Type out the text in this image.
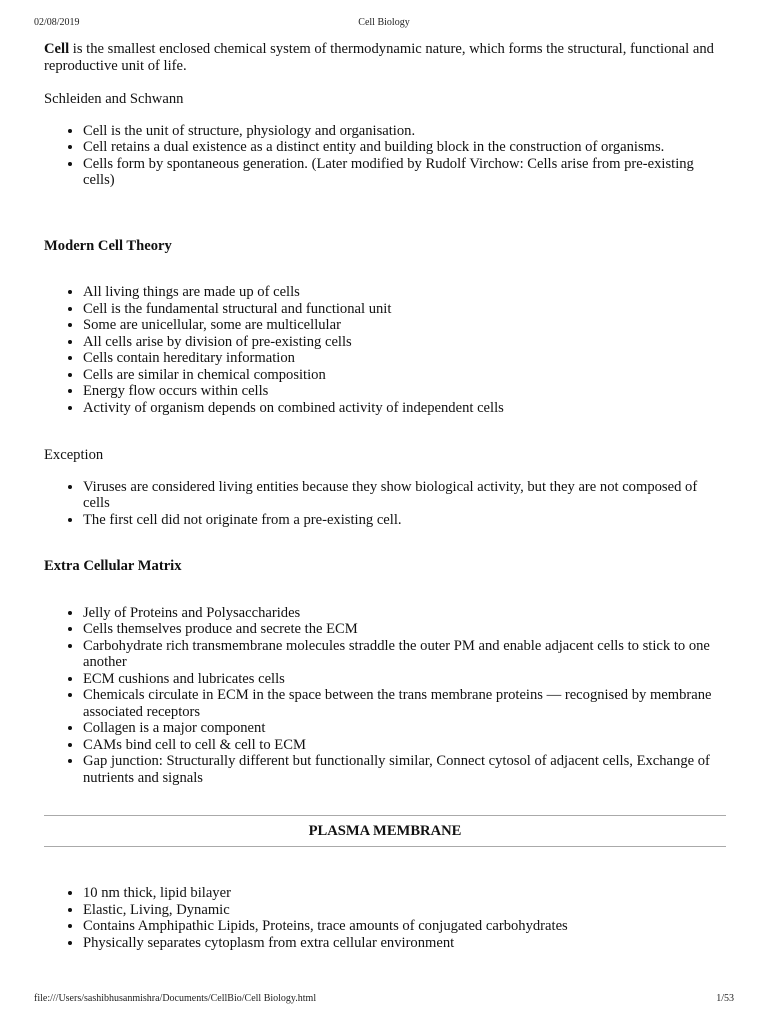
02/08/2019	Cell Biology

Cell is the smallest enclosed chemical system of thermodynamic nature, which forms the structural, functional and reproductive unit of life.

Schleiden and Schwann

• Cell is the unit of structure, physiology and organisation.
• Cell retains a dual existence as a distinct entity and building block in the construction of organisms.
• Cells form by spontaneous generation. (Later modified by Rudolf Virchow: Cells arise from pre-existing cells)

Modern Cell Theory

• All living things are made up of cells
• Cell is the fundamental structural and functional unit
• Some are unicellular, some are multicellular
• All cells arise by division of pre-existing cells
• Cells contain hereditary information
• Cells are similar in chemical composition
• Energy flow occurs within cells
• Activity of organism depends on combined activity of independent cells

Exception

• Viruses are considered living entities because they show biological activity, but they are not composed of cells
• The first cell did not originate from a pre-existing cell.

Extra Cellular Matrix

• Jelly of Proteins and Polysaccharides
• Cells themselves produce and secrete the ECM
• Carbohydrate rich transmembrane molecules straddle the outer PM and enable adjacent cells to stick to one another
• ECM cushions and lubricates cells
• Chemicals circulate in ECM in the space between the trans membrane proteins — recognised by membrane associated receptors
• Collagen is a major component
• CAMs bind cell to cell & cell to ECM
• Gap junction: Structurally different but functionally similar, Connect cytosol of adjacent cells, Exchange of nutrients and signals
PLASMA MEMBRANE
• 10 nm thick, lipid bilayer
• Elastic, Living, Dynamic
• Contains Amphipathic Lipids, Proteins, trace amounts of conjugated carbohydrates
• Physically separates cytoplasm from extra cellular environment
file:///Users/sashibhusanmishra/Documents/CellBio/Cell Biology.html	1/53
